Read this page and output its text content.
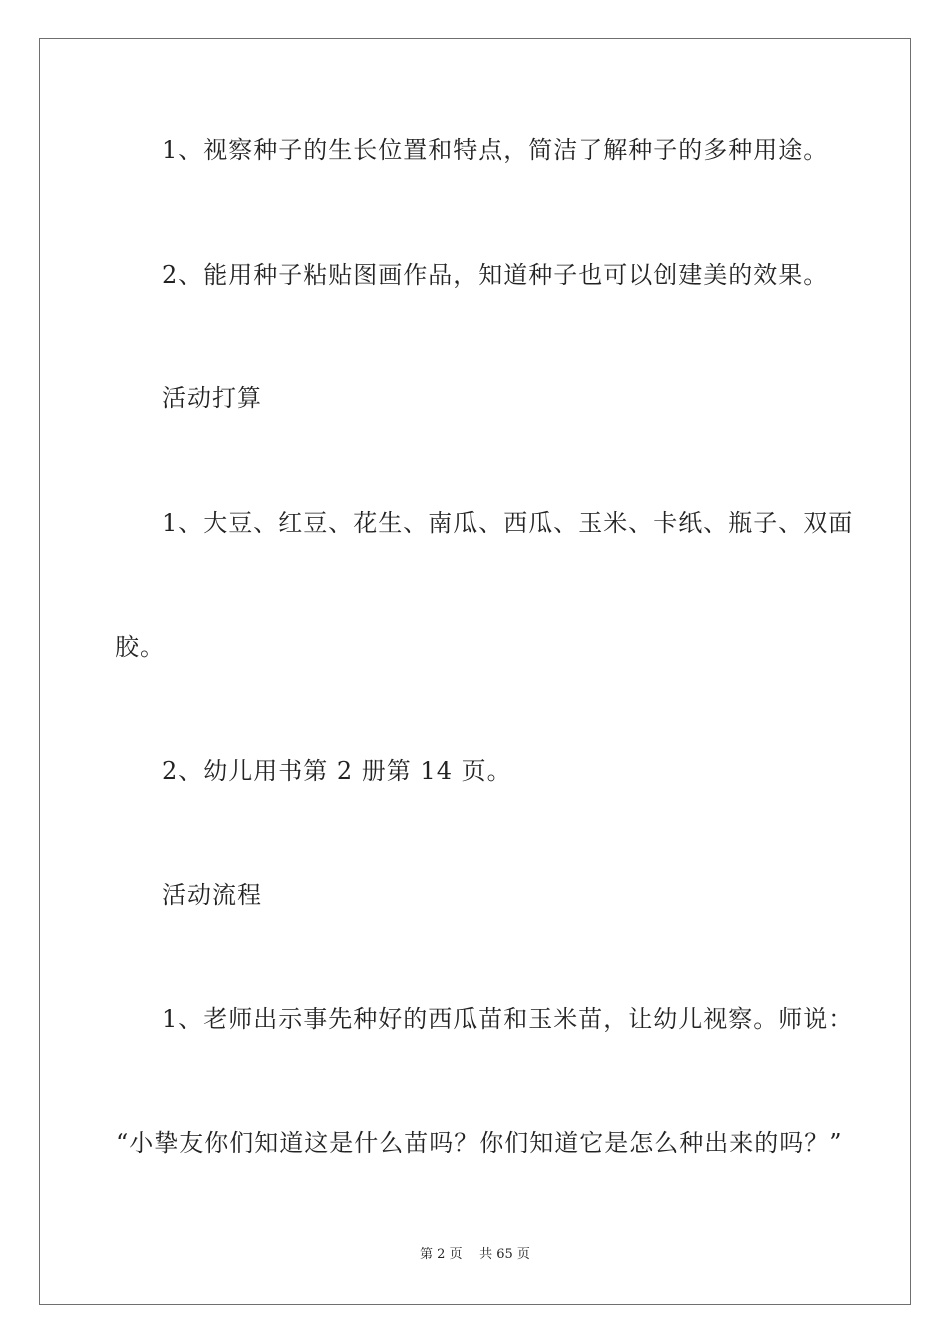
1、视察种子的生长位置和特点，简洁了解种子的多种用途。
2、能用种子粘贴图画作品，知道种子也可以创建美的效果。
活动打算
1、大豆、红豆、花生、南瓜、西瓜、玉米、卡纸、瓶子、双面
胶。
2、幼儿用书第 2 册第 14 页。
活动流程
1、老师出示事先种好的西瓜苗和玉米苗，让幼儿视察。师说：
“小挚友你们知道这是什么苗吗？你们知道它是怎么种出来的吗？”
第 2 页 共 65 页
